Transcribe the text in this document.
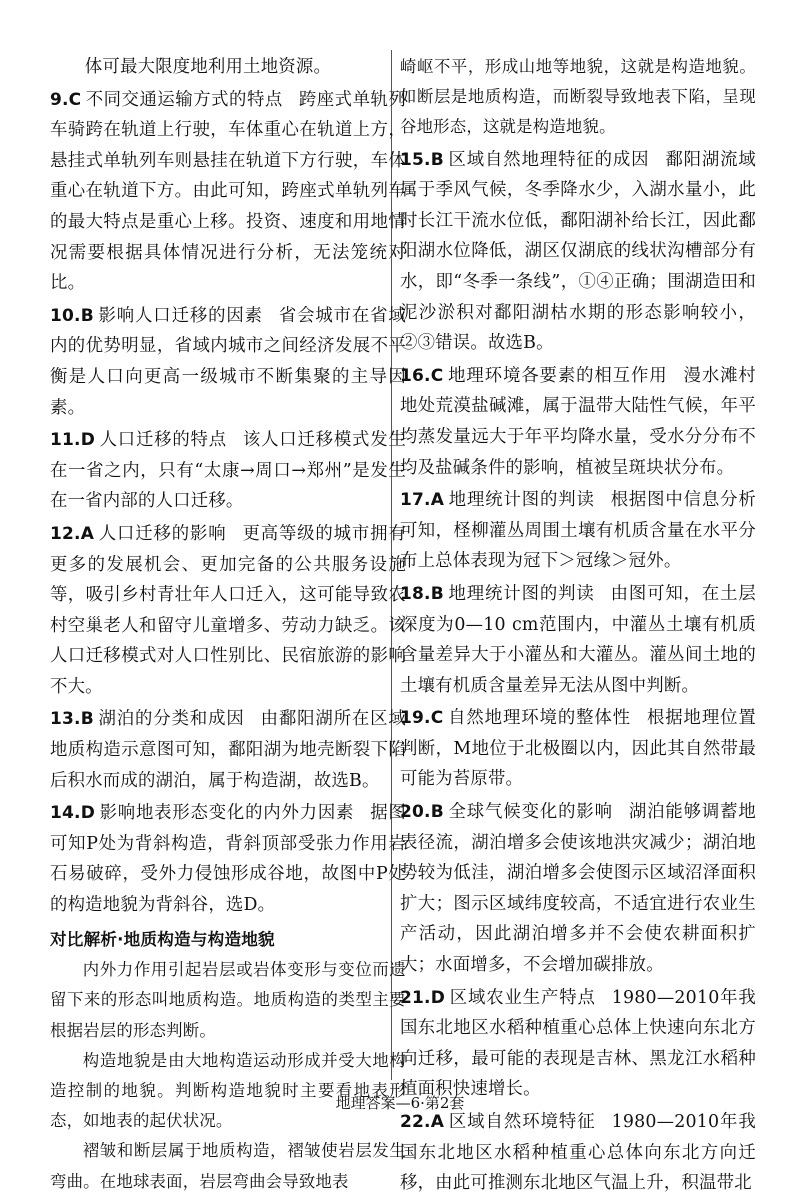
体可最大限度地利用土地资源。

9.C 不同交通运输方式的特点 跨座式单轨列车骑跨在轨道上行驶，车体重心在轨道上方，悬挂式单轨列车则悬挂在轨道下方行驶，车体重心在轨道下方。由此可知，跨座式单轨列车的最大特点是重心上移。投资、速度和用地情况需要根据具体情况进行分析，无法笼统对比。

10.B 影响人口迁移的因素 省会城市在省域内的优势明显，省域内城市之间经济发展不平衡是人口向更高一级城市不断集聚的主导因素。

11.D 人口迁移的特点 该人口迁移模式发生在一省之内，只有“太康→周口→郑州”是发生在一省内部的人口迁移。

12.A 人口迁移的影响 更高等级的城市拥有更多的发展机会、更加完备的公共服务设施等，吸引乡村青壮年人口迁入，这可能导致农村空巢老人和留守儿童增多、劳动力缺乏。该人口迁移模式对人口性别比、民宿旅游的影响不大。

13.B 湖泊的分类和成因 由鄱阳湖所在区域地质构造示意图可知，鄱阳湖为地壳断裂下陷后积水而成的湖泊，属于构造湖，故选B。

14.D 影响地表形态变化的内外力因素 据图可知P处为背斜构造，背斜顶部受张力作用岩石易破碎，受外力侵蚀形成谷地，故图中P处的构造地貌为背斜谷，选D。

对比解析·地质构造与构造地貌

内外力作用引起岩层或岩体变形与变位而遗留下来的形态叫地质构造。地质构造的类型主要根据岩层的形态判断。

构造地貌是由大地构造运动形成并受大地构造控制的地貌。判断构造地貌时主要看地表形态，如地表的起伏状况。

褶皱和断层属于地质构造，褶皱使岩层发生弯曲。在地球表面，岩层弯曲会导致地表

崎岖不平，形成山地等地貌，这就是构造地貌。如断层是地质构造，而断裂导致地表下陷，呈现谷地形态，这就是构造地貌。

15.B 区域自然地理特征的成因 鄱阳湖流域属于季风气候，冬季降水少，入湖水量小，此时长江干流水位低，鄱阳湖补给长江，因此鄱阳湖水位降低，湖区仅湖底的线状沟槽部分有水，即“冬季一条线”，①④正确；围湖造田和泥沙淤积对鄱阳湖枯水期的形态影响较小，②③错误。故选B。

16.C 地理环境各要素的相互作用 漫水滩村地处荒漠盐碱滩，属于温带大陆性气候，年平均蒸发量远大于年平均降水量，受水分分布不均及盐碱条件的影响，植被呈斑块状分布。

17.A 地理统计图的判读 根据图中信息分析可知，柽柳灌丛周围土壤有机质含量在水平分布上总体表现为冠下＞冠缘＞冠外。

18.B 地理统计图的判读 由图可知，在土层深度为0—10 cm范围内，中灌丛土壤有机质含量差异大于小灌丛和大灌丛。灌丛间土地的土壤有机质含量差异无法从图中判断。

19.C 自然地理环境的整体性 根据地理位置判断，M地位于北极圈以内，因此其自然带最可能为苔原带。

20.B 全球气候变化的影响 湖泊能够调蓄地表径流，湖泊增多会使该地洪灾减少；湖泊地势较为低洼，湖泊增多会使图示区域沼泽面积扩大；图示区域纬度较高，不适宜进行农业生产活动，因此湖泊增多并不会使农耕面积扩大；水面增多，不会增加碳排放。

21.D 区域农业生产特点 1980—2010年我国东北地区水稻种植重心总体上快速向东北方向迁移，最可能的表现是吉林、黑龙江水稻种植面积快速增长。

22.A 区域自然环境特征 1980—2010年我国东北地区水稻种植重心总体向东北方向迁移，由此可推测东北地区气温上升，积温带北

地理答案—6·第2套
